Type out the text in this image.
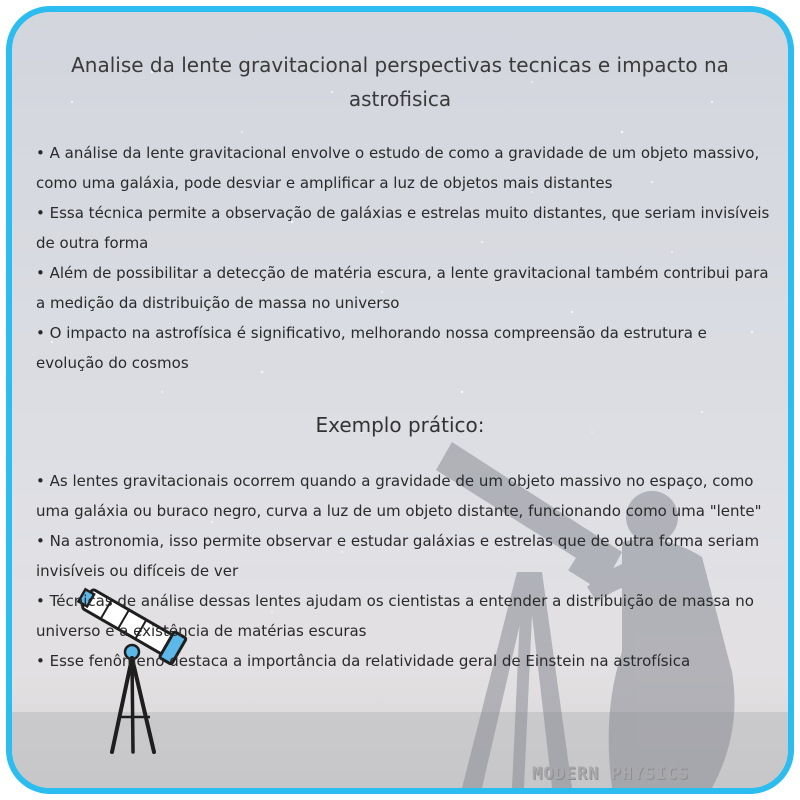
Analise da lente gravitacional perspectivas tecnicas e impacto na astrofisica
• A análise da lente gravitacional envolve o estudo de como a gravidade de um objeto massivo, como uma galáxia, pode desviar e amplificar a luz de objetos mais distantes
• Essa técnica permite a observação de galáxias e estrelas muito distantes, que seriam invisíveis de outra forma
• Além de possibilitar a detecção de matéria escura, a lente gravitacional também contribui para a medição da distribuição de massa no universo
• O impacto na astrofísica é significativo, melhorando nossa compreensão da estrutura e evolução do cosmos
Exemplo prático:
• As lentes gravitacionais ocorrem quando a gravidade de um objeto massivo no espaço, como uma galáxia ou buraco negro, curva a luz de um objeto distante, funcionando como uma "lente"
• Na astronomia, isso permite observar e estudar galáxias e estrelas que de outra forma seriam invisíveis ou difíceis de ver
• Técnicas de análise dessas lentes ajudam os cientistas a entender a distribuição de massa no universo e a existência de matérias escuras
• Esse fenômeno destaca a importância da relatividade geral de Einstein na astrofísica
MODERN PHYSICS
